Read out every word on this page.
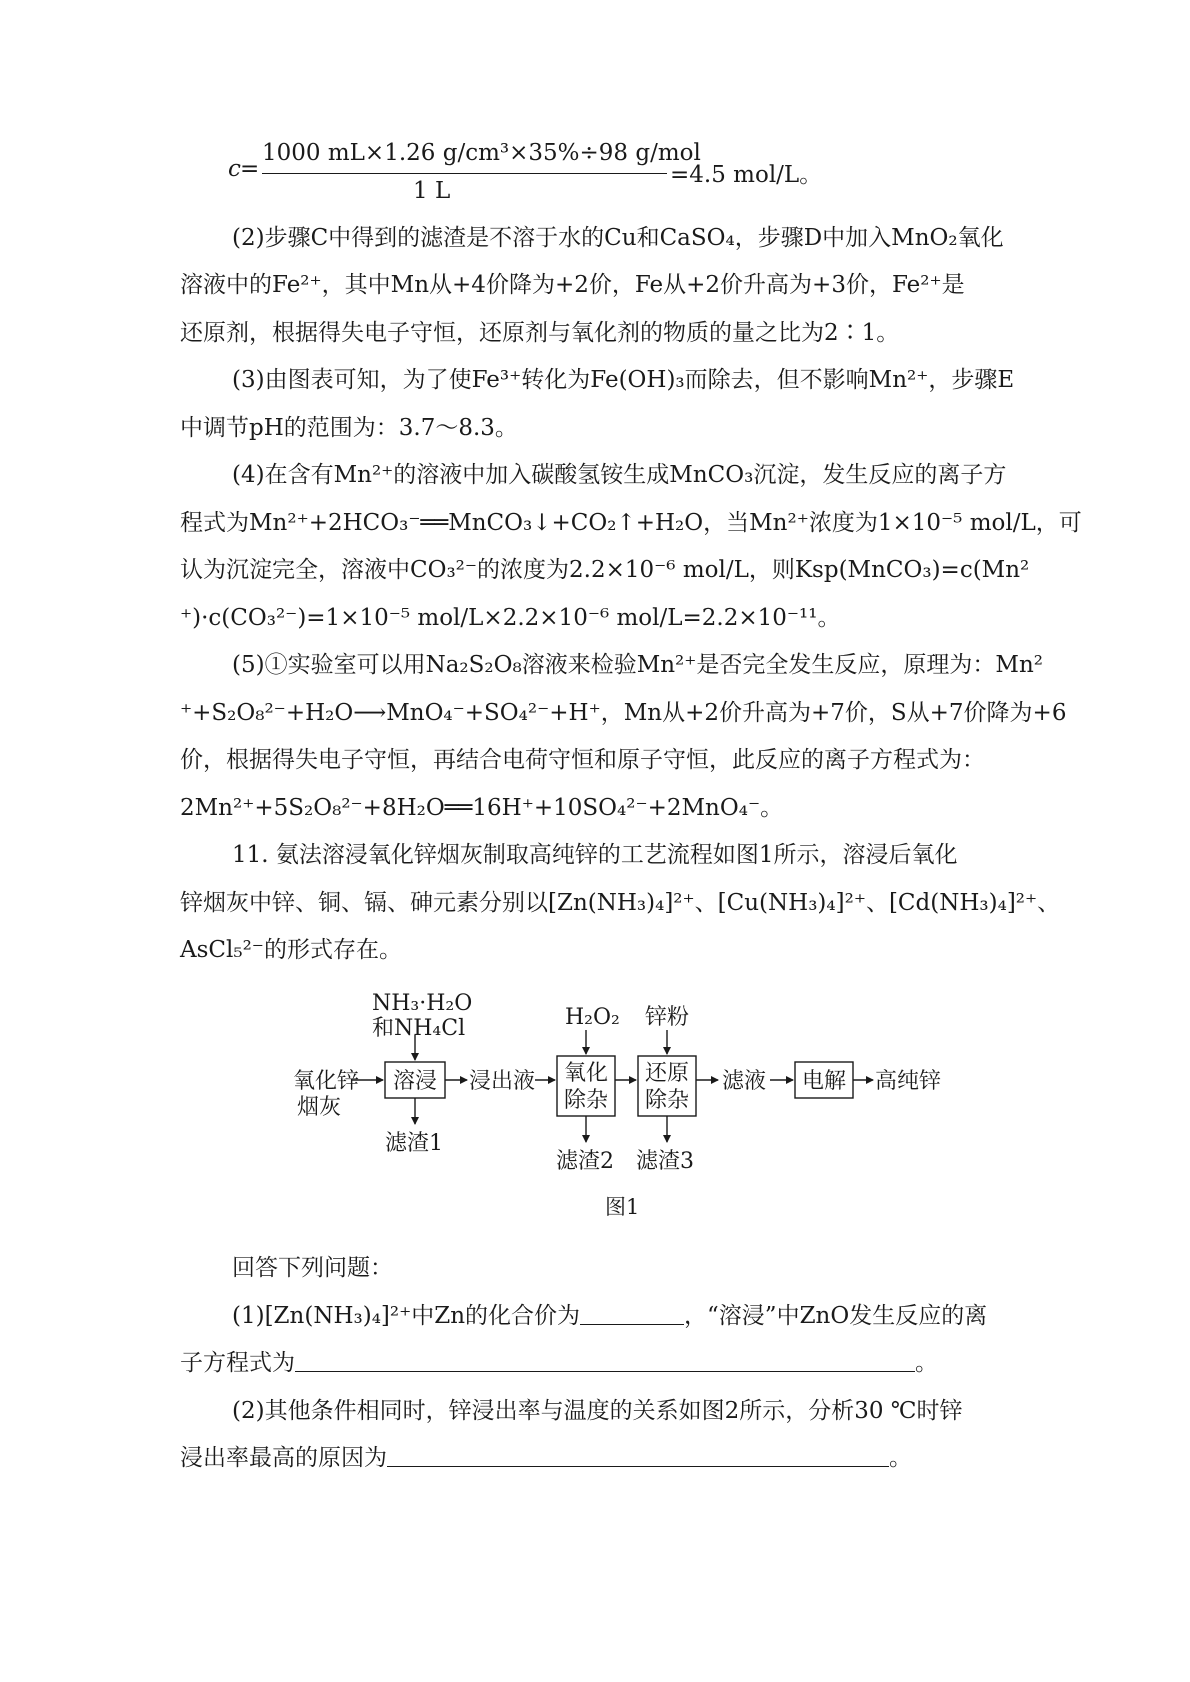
c =
1000 mL×1.26 g/cm³×35%÷98 g/mol
1 L
=4.5 mol/L。
(2)步骤C中得到的滤渣是不溶于水的Cu和CaSO₄，步骤D中加入MnO₂氧化
溶液中的Fe²⁺，其中Mn从+4价降为+2价，Fe从+2价升高为+3价，Fe²⁺是
还原剂，根据得失电子守恒，还原剂与氧化剂的物质的量之比为2∶1。
(3)由图表可知，为了使Fe³⁺转化为Fe(OH)₃而除去，但不影响Mn²⁺，步骤E
中调节pH的范围为：3.7～8.3。
(4)在含有Mn²⁺的溶液中加入碳酸氢铵生成MnCO₃沉淀，发生反应的离子方
程式为Mn²⁺+2HCO₃⁻══MnCO₃↓+CO₂↑+H₂O，当Mn²⁺浓度为1×10⁻⁵ mol/L，可
认为沉淀完全，溶液中CO₃²⁻的浓度为2.2×10⁻⁶ mol/L，则Ksp(MnCO₃)=c(Mn²
⁺)·c(CO₃²⁻)=1×10⁻⁵ mol/L×2.2×10⁻⁶ mol/L=2.2×10⁻¹¹。
(5)①实验室可以用Na₂S₂O₈溶液来检验Mn²⁺是否完全发生反应，原理为：Mn²
⁺+S₂O₈²⁻+H₂O⟶MnO₄⁻+SO₄²⁻+H⁺，Mn从+2价升高为+7价，S从+7价降为+6
价，根据得失电子守恒，再结合电荷守恒和原子守恒，此反应的离子方程式为：
2Mn²⁺+5S₂O₈²⁻+8H₂O══16H⁺+10SO₄²⁻+2MnO₄⁻。
11. 氨法溶浸氧化锌烟灰制取高纯锌的工艺流程如图1所示，溶浸后氧化
锌烟灰中锌、铜、镉、砷元素分别以[Zn(NH₃)₄]²⁺、[Cu(NH₃)₄]²⁺、[Cd(NH₃)₄]²⁺、
AsCl₅²⁻的形式存在。
NH₃·H₂O
和NH₄Cl
氧化锌
烟灰
溶浸 浸出液
H₂O₂
氧化
除杂
锌粉
还原
除杂
滤液 电解 高纯锌
滤渣1
滤渣2 滤渣3
图1
回答下列问题：
(1)[Zn(NH₃)₄]²⁺中Zn的化合价为	，“溶浸”中ZnO发生反应的离
子方程式为	。
(2)其他条件相同时，锌浸出率与温度的关系如图2所示，分析30 ℃时锌
浸出率最高的原因为	。
